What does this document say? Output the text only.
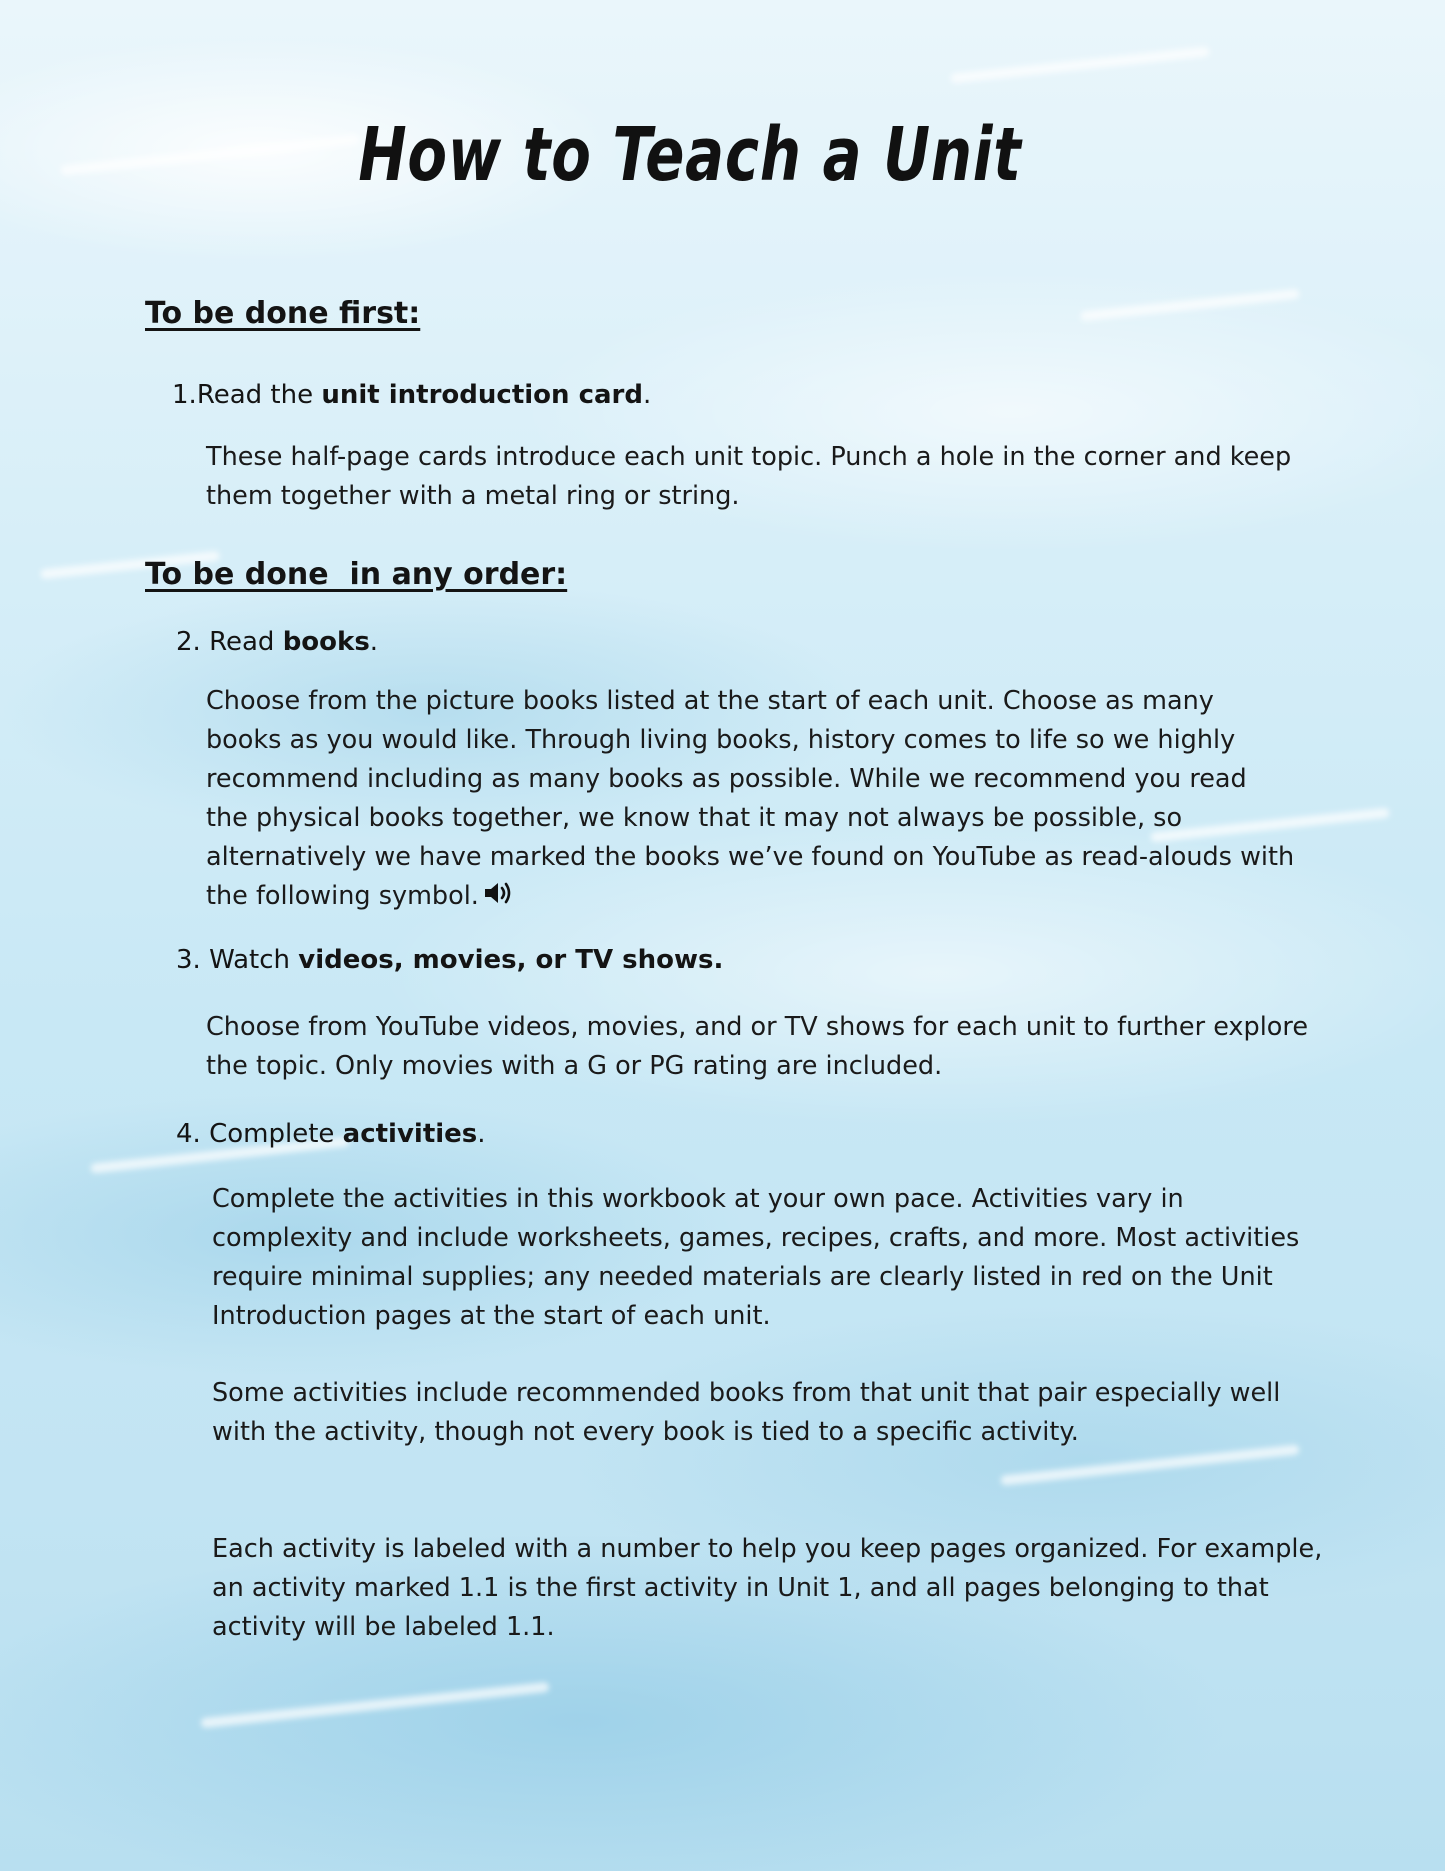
How to Teach a Unit
To be done first:
1.Read the unit introduction card.
These half-page cards introduce each unit topic. Punch a hole in the corner and keep them together with a metal ring or string.
To be done  in any order:
2. Read books.
Choose from the picture books listed at the start of each unit. Choose as many books as you would like. Through living books, history comes to life so we highly recommend including as many books as possible. While we recommend you read the physical books together, we know that it may not always be possible, so alternatively we have marked the books we’ve found on YouTube as read-alouds with the following symbol.
3. Watch videos, movies, or TV shows.
Choose from YouTube videos, movies, and or TV shows for each unit to further explore the topic. Only movies with a G or PG rating are included.
4. Complete activities.
Complete the activities in this workbook at your own pace. Activities vary in complexity and include worksheets, games, recipes, crafts, and more. Most activities require minimal supplies; any needed materials are clearly listed in red on the Unit Introduction pages at the start of each unit.
Some activities include recommended books from that unit that pair especially well with the activity, though not every book is tied to a specific activity.
Each activity is labeled with a number to help you keep pages organized. For example, an activity marked 1.1 is the first activity in Unit 1, and all pages belonging to that activity will be labeled 1.1.
